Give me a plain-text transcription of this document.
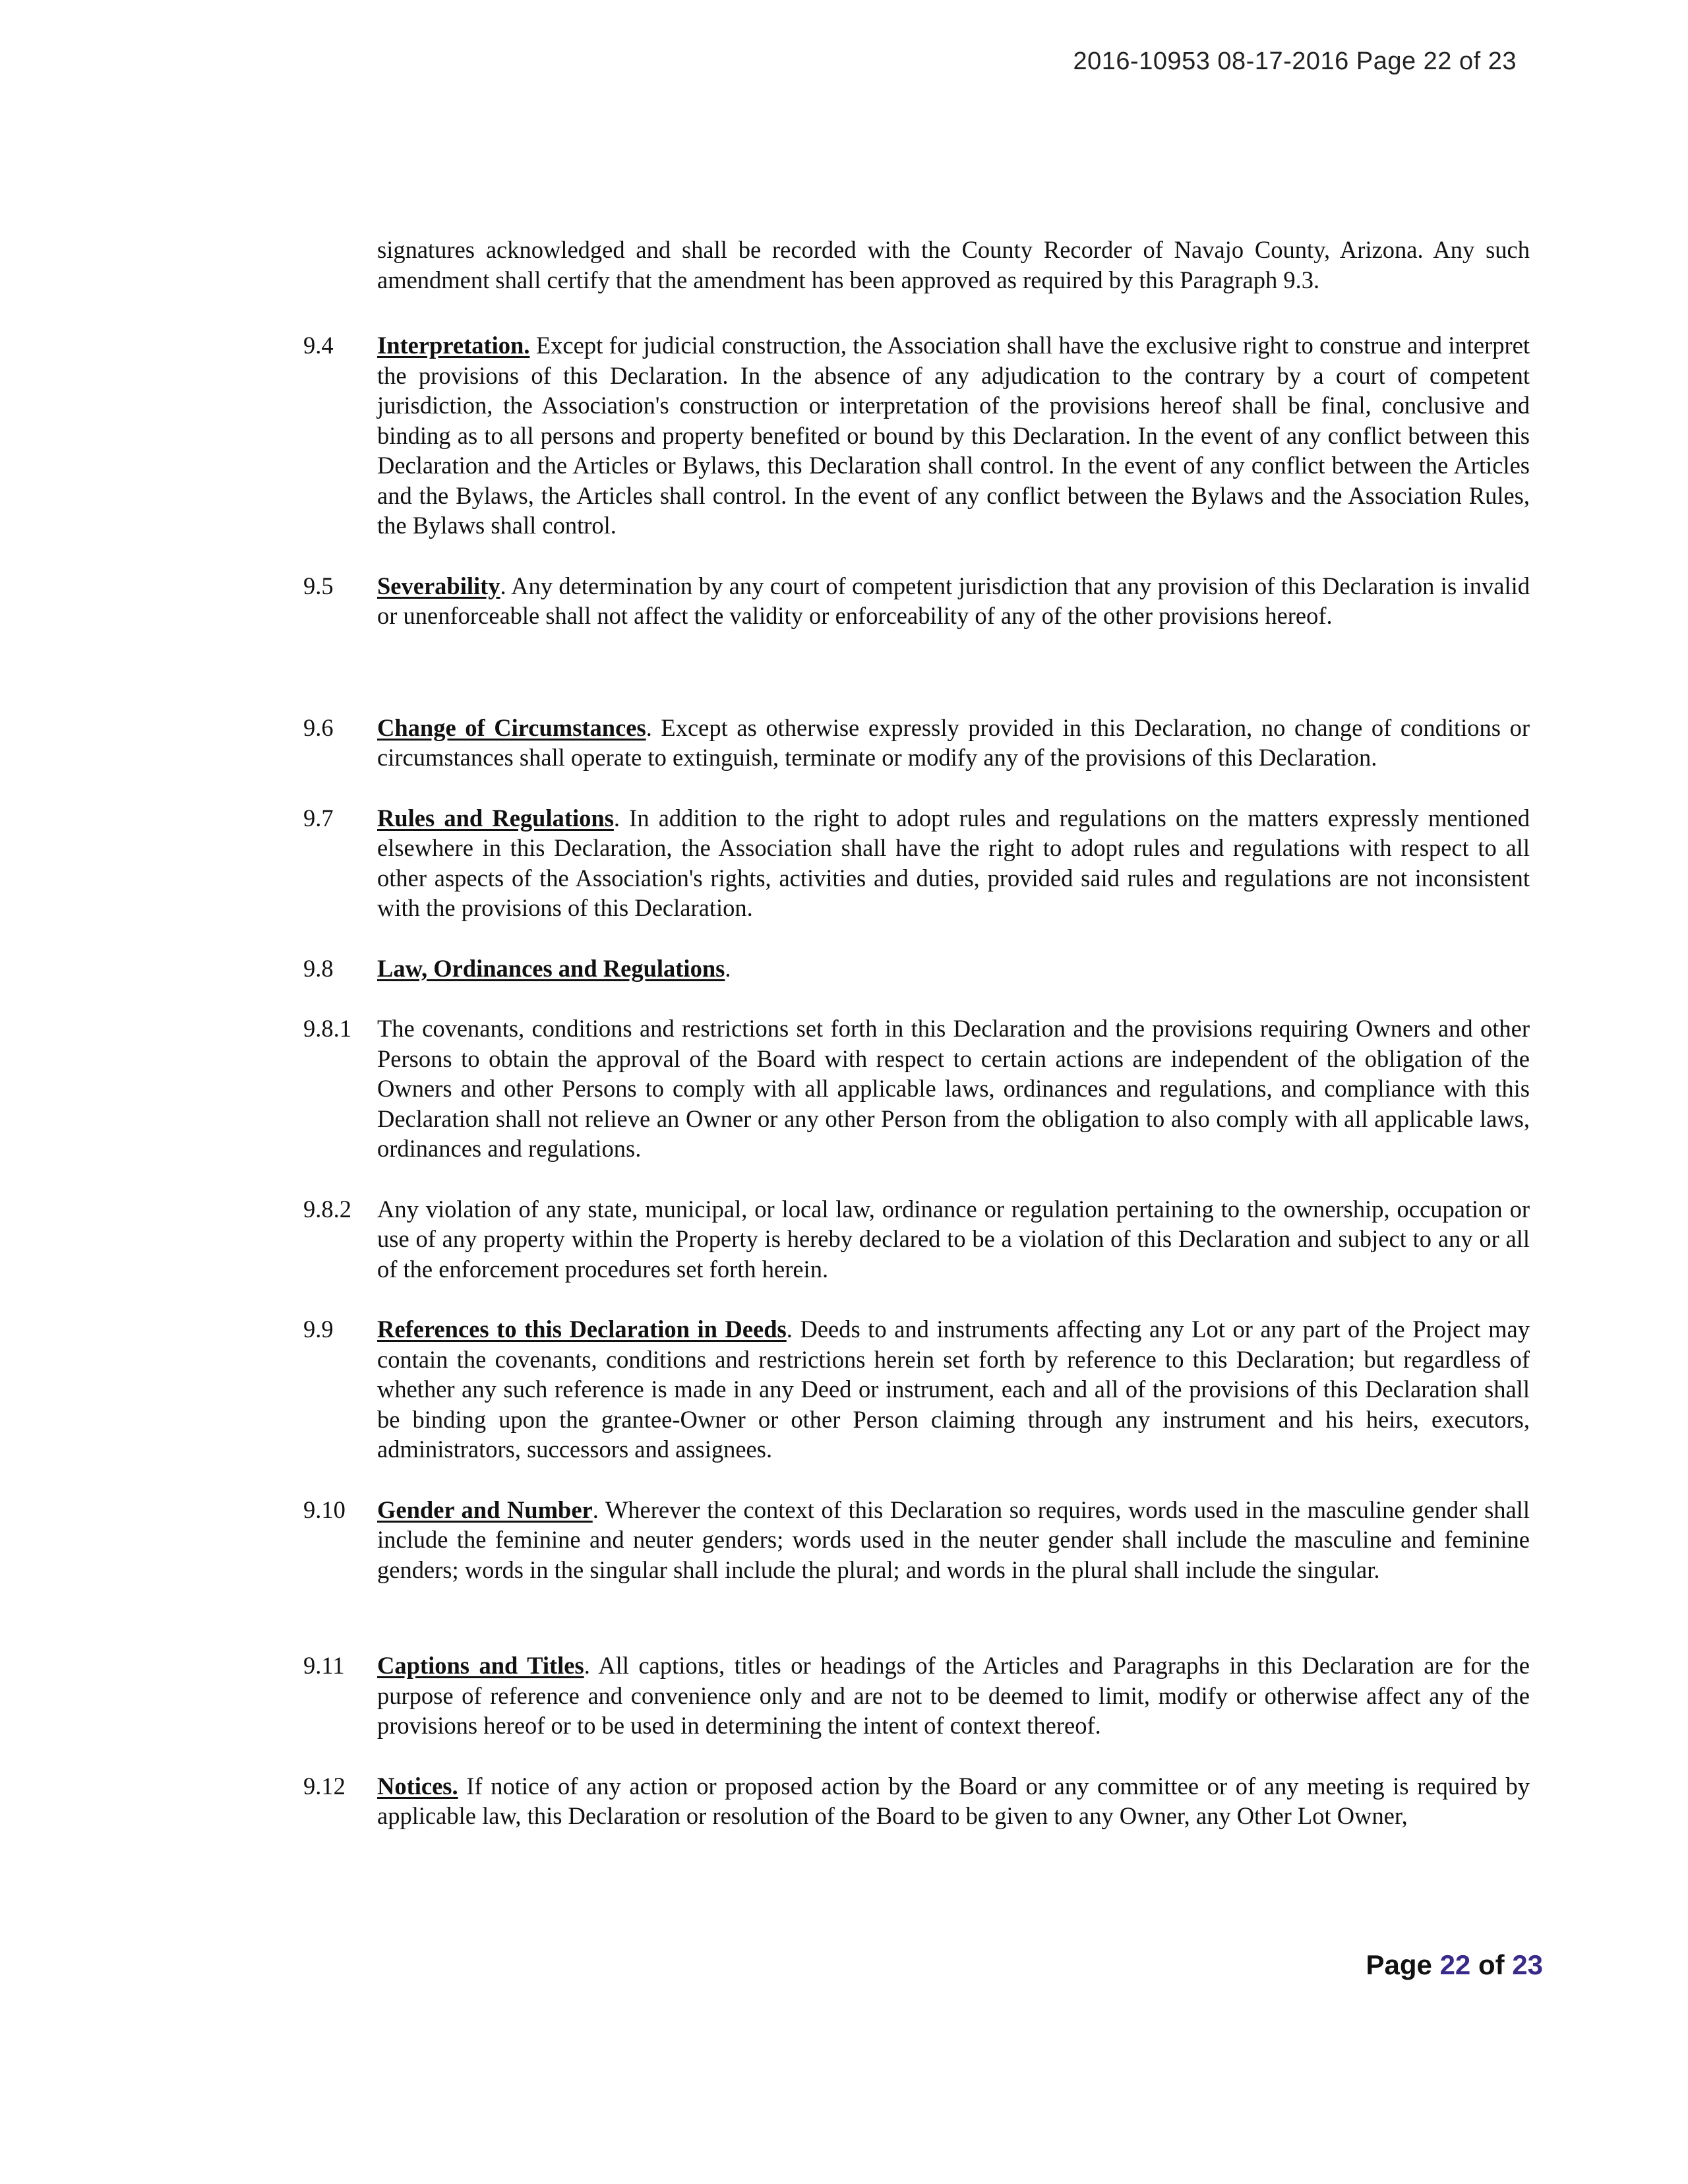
2016-10953 08-17-2016 Page 22 of 23
signatures acknowledged and shall be recorded with the County Recorder of Navajo County, Arizona. Any such amendment shall certify that the amendment has been approved as required by this Paragraph 9.3.
9.4	Interpretation. Except for judicial construction, the Association shall have the exclusive right to construe and interpret the provisions of this Declaration. In the absence of any adjudication to the contrary by a court of competent jurisdiction, the Association's construction or interpretation of the provisions hereof shall be final, conclusive and binding as to all persons and property benefited or bound by this Declaration. In the event of any conflict between this Declaration and the Articles or Bylaws, this Declaration shall control. In the event of any conflict between the Articles and the Bylaws, the Articles shall control. In the event of any conflict between the Bylaws and the Association Rules, the Bylaws shall control.
9.5	Severability. Any determination by any court of competent jurisdiction that any provision of this Declaration is invalid or unenforceable shall not affect the validity or enforceability of any of the other provisions hereof.
9.6	Change of Circumstances. Except as otherwise expressly provided in this Declaration, no change of conditions or circumstances shall operate to extinguish, terminate or modify any of the provisions of this Declaration.
9.7	Rules and Regulations. In addition to the right to adopt rules and regulations on the matters expressly mentioned elsewhere in this Declaration, the Association shall have the right to adopt rules and regulations with respect to all other aspects of the Association's rights, activities and duties, provided said rules and regulations are not inconsistent with the provisions of this Declaration.
9.8	Law, Ordinances and Regulations.
9.8.1	The covenants, conditions and restrictions set forth in this Declaration and the provisions requiring Owners and other Persons to obtain the approval of the Board with respect to certain actions are independent of the obligation of the Owners and other Persons to comply with all applicable laws, ordinances and regulations, and compliance with this Declaration shall not relieve an Owner or any other Person from the obligation to also comply with all applicable laws, ordinances and regulations.
9.8.2	Any violation of any state, municipal, or local law, ordinance or regulation pertaining to the ownership, occupation or use of any property within the Property is hereby declared to be a violation of this Declaration and subject to any or all of the enforcement procedures set forth herein.
9.9	References to this Declaration in Deeds. Deeds to and instruments affecting any Lot or any part of the Project may contain the covenants, conditions and restrictions herein set forth by reference to this Declaration; but regardless of whether any such reference is made in any Deed or instrument, each and all of the provisions of this Declaration shall be binding upon the grantee-Owner or other Person claiming through any instrument and his heirs, executors, administrators, successors and assignees.
9.10	Gender and Number. Wherever the context of this Declaration so requires, words used in the masculine gender shall include the feminine and neuter genders; words used in the neuter gender shall include the masculine and feminine genders; words in the singular shall include the plural; and words in the plural shall include the singular.
9.11	Captions and Titles. All captions, titles or headings of the Articles and Paragraphs in this Declaration are for the purpose of reference and convenience only and are not to be deemed to limit, modify or otherwise affect any of the provisions hereof or to be used in determining the intent of context thereof.
9.12	Notices. If notice of any action or proposed action by the Board or any committee or of any meeting is required by applicable law, this Declaration or resolution of the Board to be given to any Owner, any Other Lot Owner,
Page 22 of 23
